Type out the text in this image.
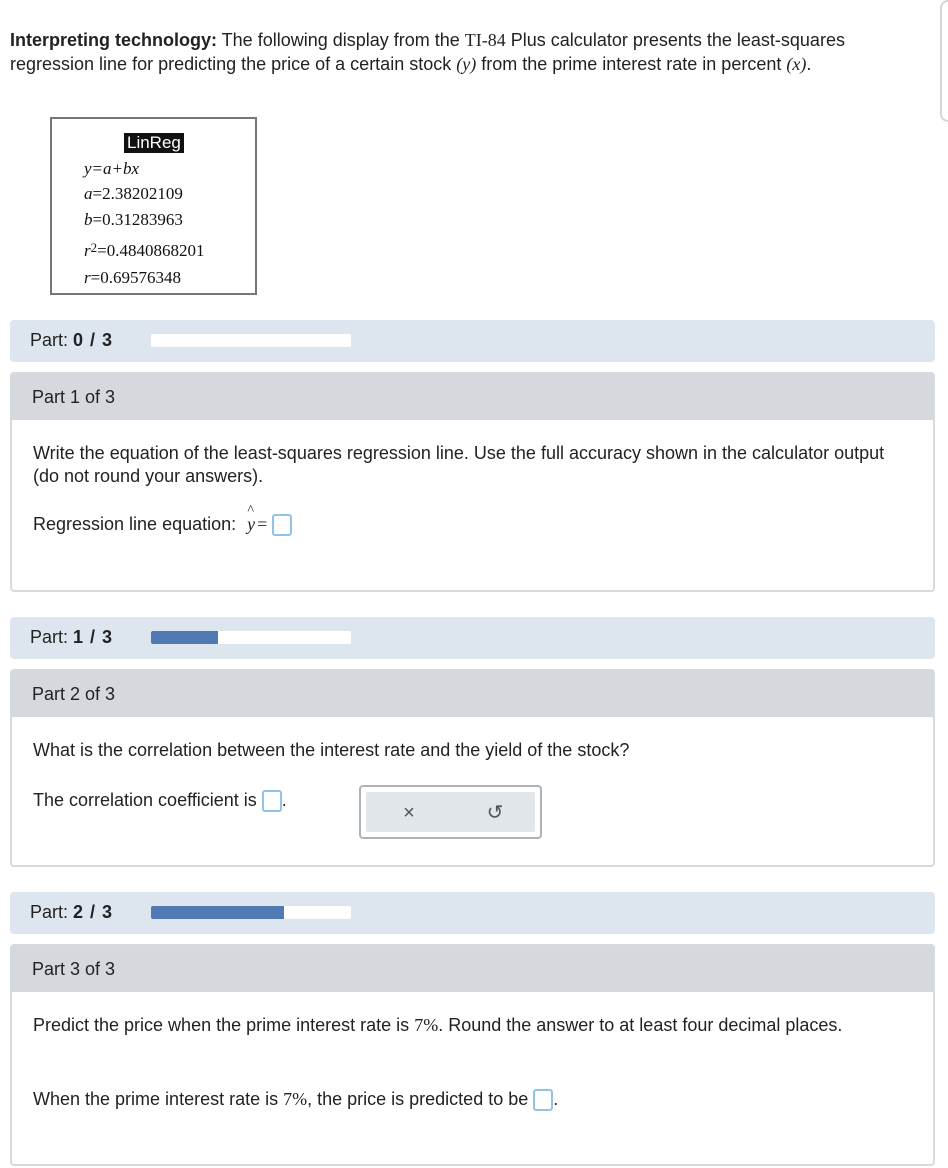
Interpreting technology: The following display from the TI-84 Plus calculator presents the least-squares regression line for predicting the price of a certain stock (y) from the prime interest rate in percent (x).
LinReg
y=a+bx
a=2.38202109
b=0.31283963
$r^2=0.4840868201$
r=0.69576348
Part: 0 / 3
Part 1 of 3
Write the equation of the least-squares regression line. Use the full accuracy shown in the calculator output (do not round your answers).
Regression line equation:
^
y =
Part: 1 / 3
Part 2 of 3
What is the correlation between the interest rate and the yield of the stock?
The correlation coefficient is .
×	↺
Part: 2 / 3
Part 3 of 3
Predict the price when the prime interest rate is 7%. Round the answer to at least four decimal places.
When the prime interest rate is 7%, the price is predicted to be .
